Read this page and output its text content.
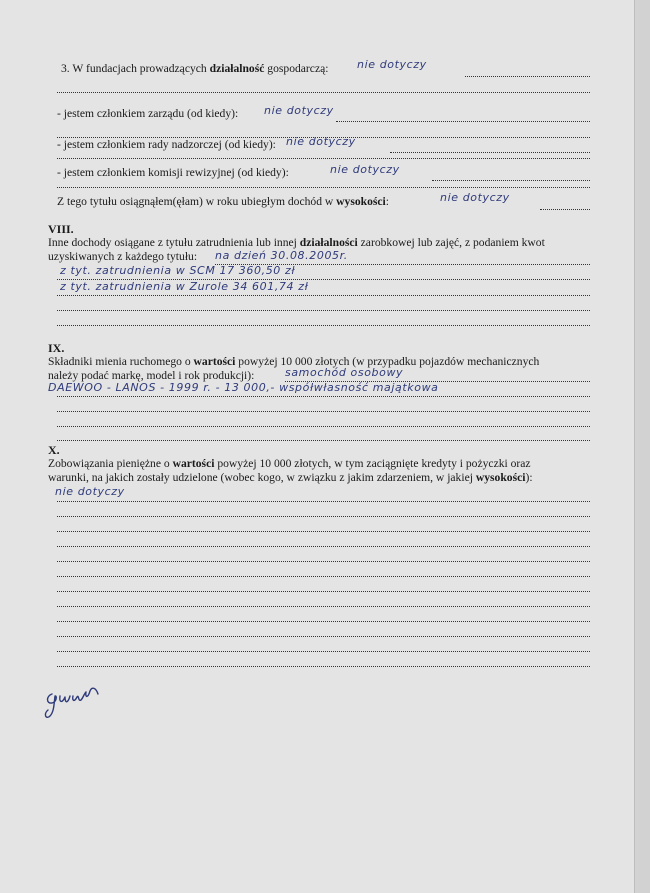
3. W fundacjach prowadzących działalność gospodarczą:	nie dotyczy
- jestem członkiem zarządu (od kiedy): nie dotyczy
- jestem członkiem rady nadzorczej (od kiedy): nie dotyczy
- jestem członkiem komisji rewizyjnej (od kiedy):	nie dotyczy
Z tego tytułu osiągnąłem(ęłam) w roku ubiegłym dochód w wysokości:	nie dotyczy
VIII.
Inne dochody osiągane z tytułu zatrudnienia lub innej działalności zarobkowej lub zajęć, z podaniem kwot
uzyskiwanych z każdego tytułu:	na dzień 30.08.2005r.
z tyt. zatrudnienia w SCM 17 360,50 zł
z tyt. zatrudnienia w Zurole 34 601,74 zł
IX.
Składniki mienia ruchomego o wartości powyżej 10 000 złotych (w przypadku pojazdów mechanicznych
należy podać markę, model i rok produkcji):	samochód osobowy
DAEWOO - LANOS - 1999 r. - 13 000,- współwłasność majątkowa
X.
Zobowiązania pieniężne o wartości powyżej 10 000 złotych, w tym zaciągnięte kredyty i pożyczki oraz
warunki, na jakich zostały udzielone (wobec kogo, w związku z jakim zdarzeniem, w jakiej wysokości):
nie dotyczy
